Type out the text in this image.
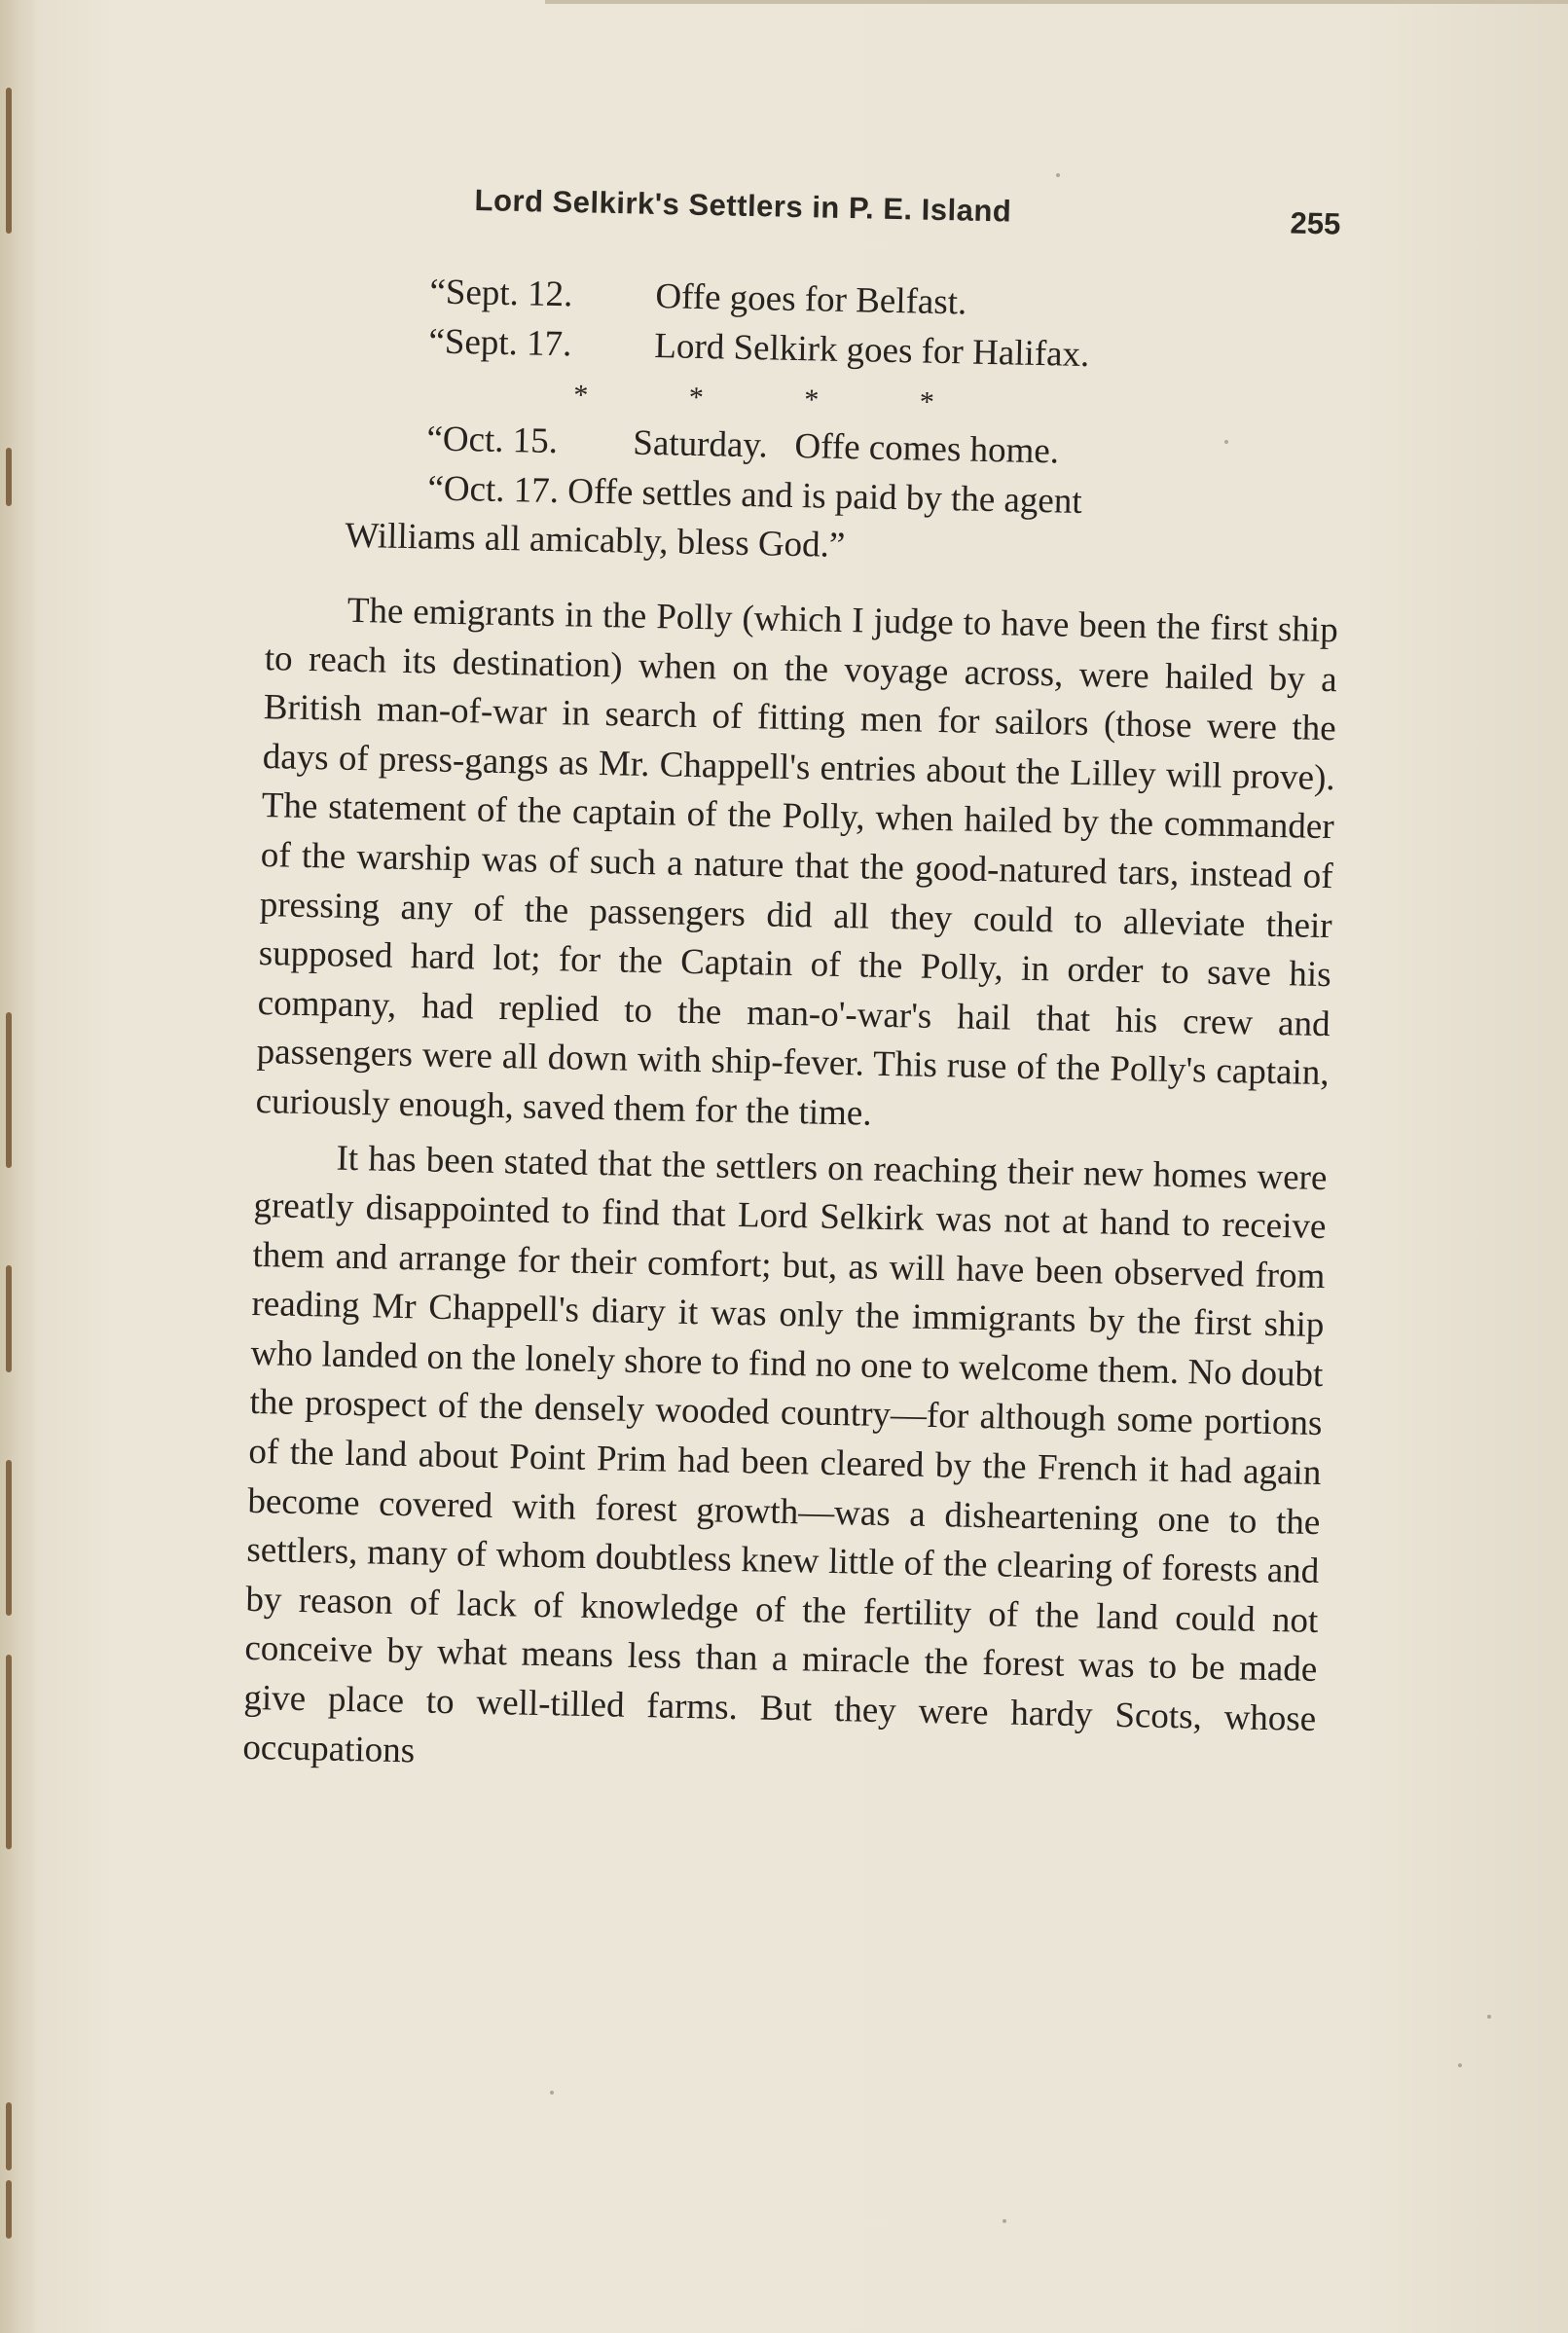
Lord Selkirk's Settlers in P. E. Island	255
“Sept. 12. Offe goes for Belfast.
“Sept. 17. Lord Selkirk goes for Halifax.
* * * *
“Oct. 15. Saturday.   Offe comes home.
“Oct. 17. Offe settles and is paid by the agent
Williams all amicably, bless God.”

The emigrants in the Polly (which I judge to have been the first ship to reach its destination) when on the voyage across, were hailed by a British man-of-war in search of fitting men for sailors (those were the days of press-gangs as Mr. Chappell's entries about the Lilley will prove). The statement of the captain of the Polly, when hailed by the commander of the warship was of such a nature that the good-natured tars, instead of pressing any of the passengers did all they could to alleviate their supposed hard lot; for the Captain of the Polly, in order to save his company, had replied to the man-o'-war's hail that his crew and passengers were all down with ship-fever. This ruse of the Polly's captain, curiously enough, saved them for the time.

It has been stated that the settlers on reaching their new homes were greatly disappointed to find that Lord Selkirk was not at hand to receive them and arrange for their comfort; but, as will have been observed from reading Mr Chappell's diary it was only the immigrants by the first ship who landed on the lonely shore to find no one to welcome them. No doubt the prospect of the densely wooded country—for although some portions of the land about Point Prim had been cleared by the French it had again become covered with forest growth—was a disheartening one to the settlers, many of whom doubtless knew little of the clearing of forests and by reason of lack of knowledge of the fertility of the land could not conceive by what means less than a miracle the forest was to be made give place to well-tilled farms. But they were hardy Scots, whose occupations
